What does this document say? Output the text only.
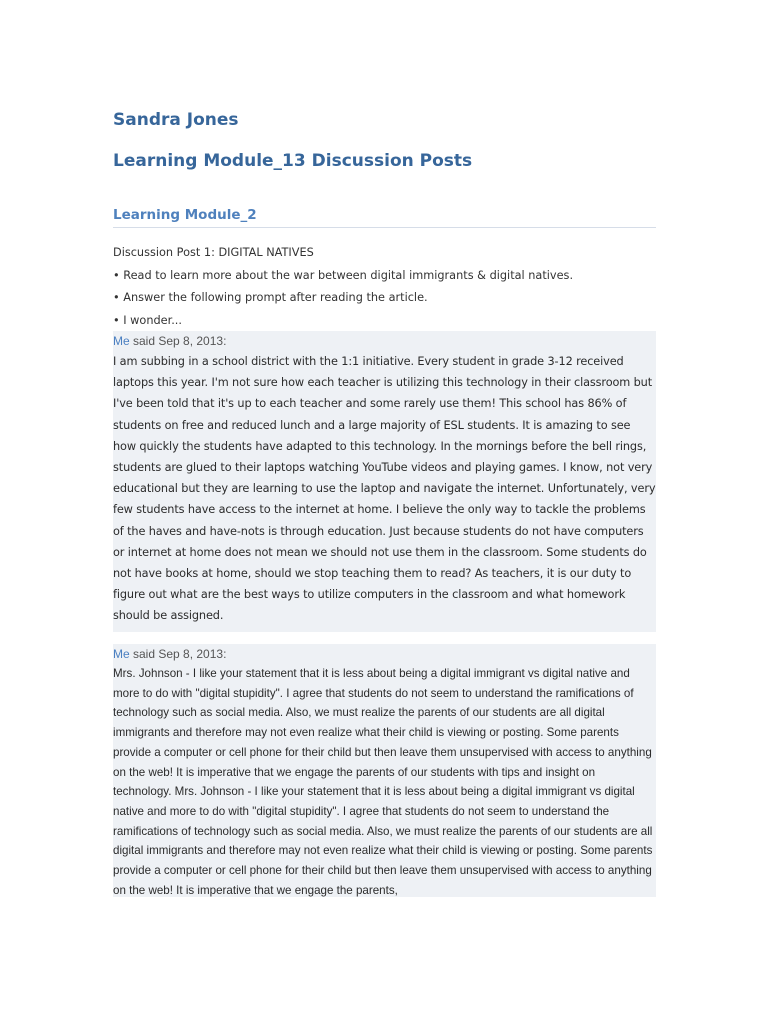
Sandra Jones
Learning Module_13 Discussion Posts
Learning Module_2
Discussion Post 1: DIGITAL NATIVES
• Read to learn more about the war between digital immigrants & digital natives.
• Answer the following prompt after reading the article.
• I wonder...
Me said Sep 8, 2013:

I am subbing in a school district with the 1:1 initiative. Every student in grade 3-12 received laptops this year. I'm not sure how each teacher is utilizing this technology in their classroom but I've been told that it's up to each teacher and some rarely use them! This school has 86% of students on free and reduced lunch and a large majority of ESL students. It is amazing to see how quickly the students have adapted to this technology. In the mornings before the bell rings, students are glued to their laptops watching YouTube videos and playing games. I know, not very educational but they are learning to use the laptop and navigate the internet. Unfortunately, very few students have access to the internet at home. I believe the only way to tackle the problems of the haves and have-nots is through education. Just because students do not have computers or internet at home does not mean we should not use them in the classroom. Some students do not have books at home, should we stop teaching them to read? As teachers, it is our duty to figure out what are the best ways to utilize computers in the classroom and what homework should be assigned.

Me said Sep 8, 2013:

Mrs. Johnson - I like your statement that it is less about being a digital immigrant vs digital native and more to do with "digital stupidity". I agree that students do not seem to understand the ramifications of technology such as social media. Also, we must realize the parents of our students are all digital immigrants and therefore may not even realize what their child is viewing or posting. Some parents provide a computer or cell phone for their child but then leave them unsupervised with access to anything on the web! It is imperative that we engage the parents of our students with tips and insight on technology. Mrs. Johnson - I like your statement that it is less about being a digital immigrant vs digital native and more to do with "digital stupidity". I agree that students do not seem to understand the ramifications of technology such as social media. Also, we must realize the parents of our students are all digital immigrants and therefore may not even realize what their child is viewing or posting. Some parents provide a computer or cell phone for their child but then leave them unsupervised with access to anything on the web! It is imperative that we engage the parents,
